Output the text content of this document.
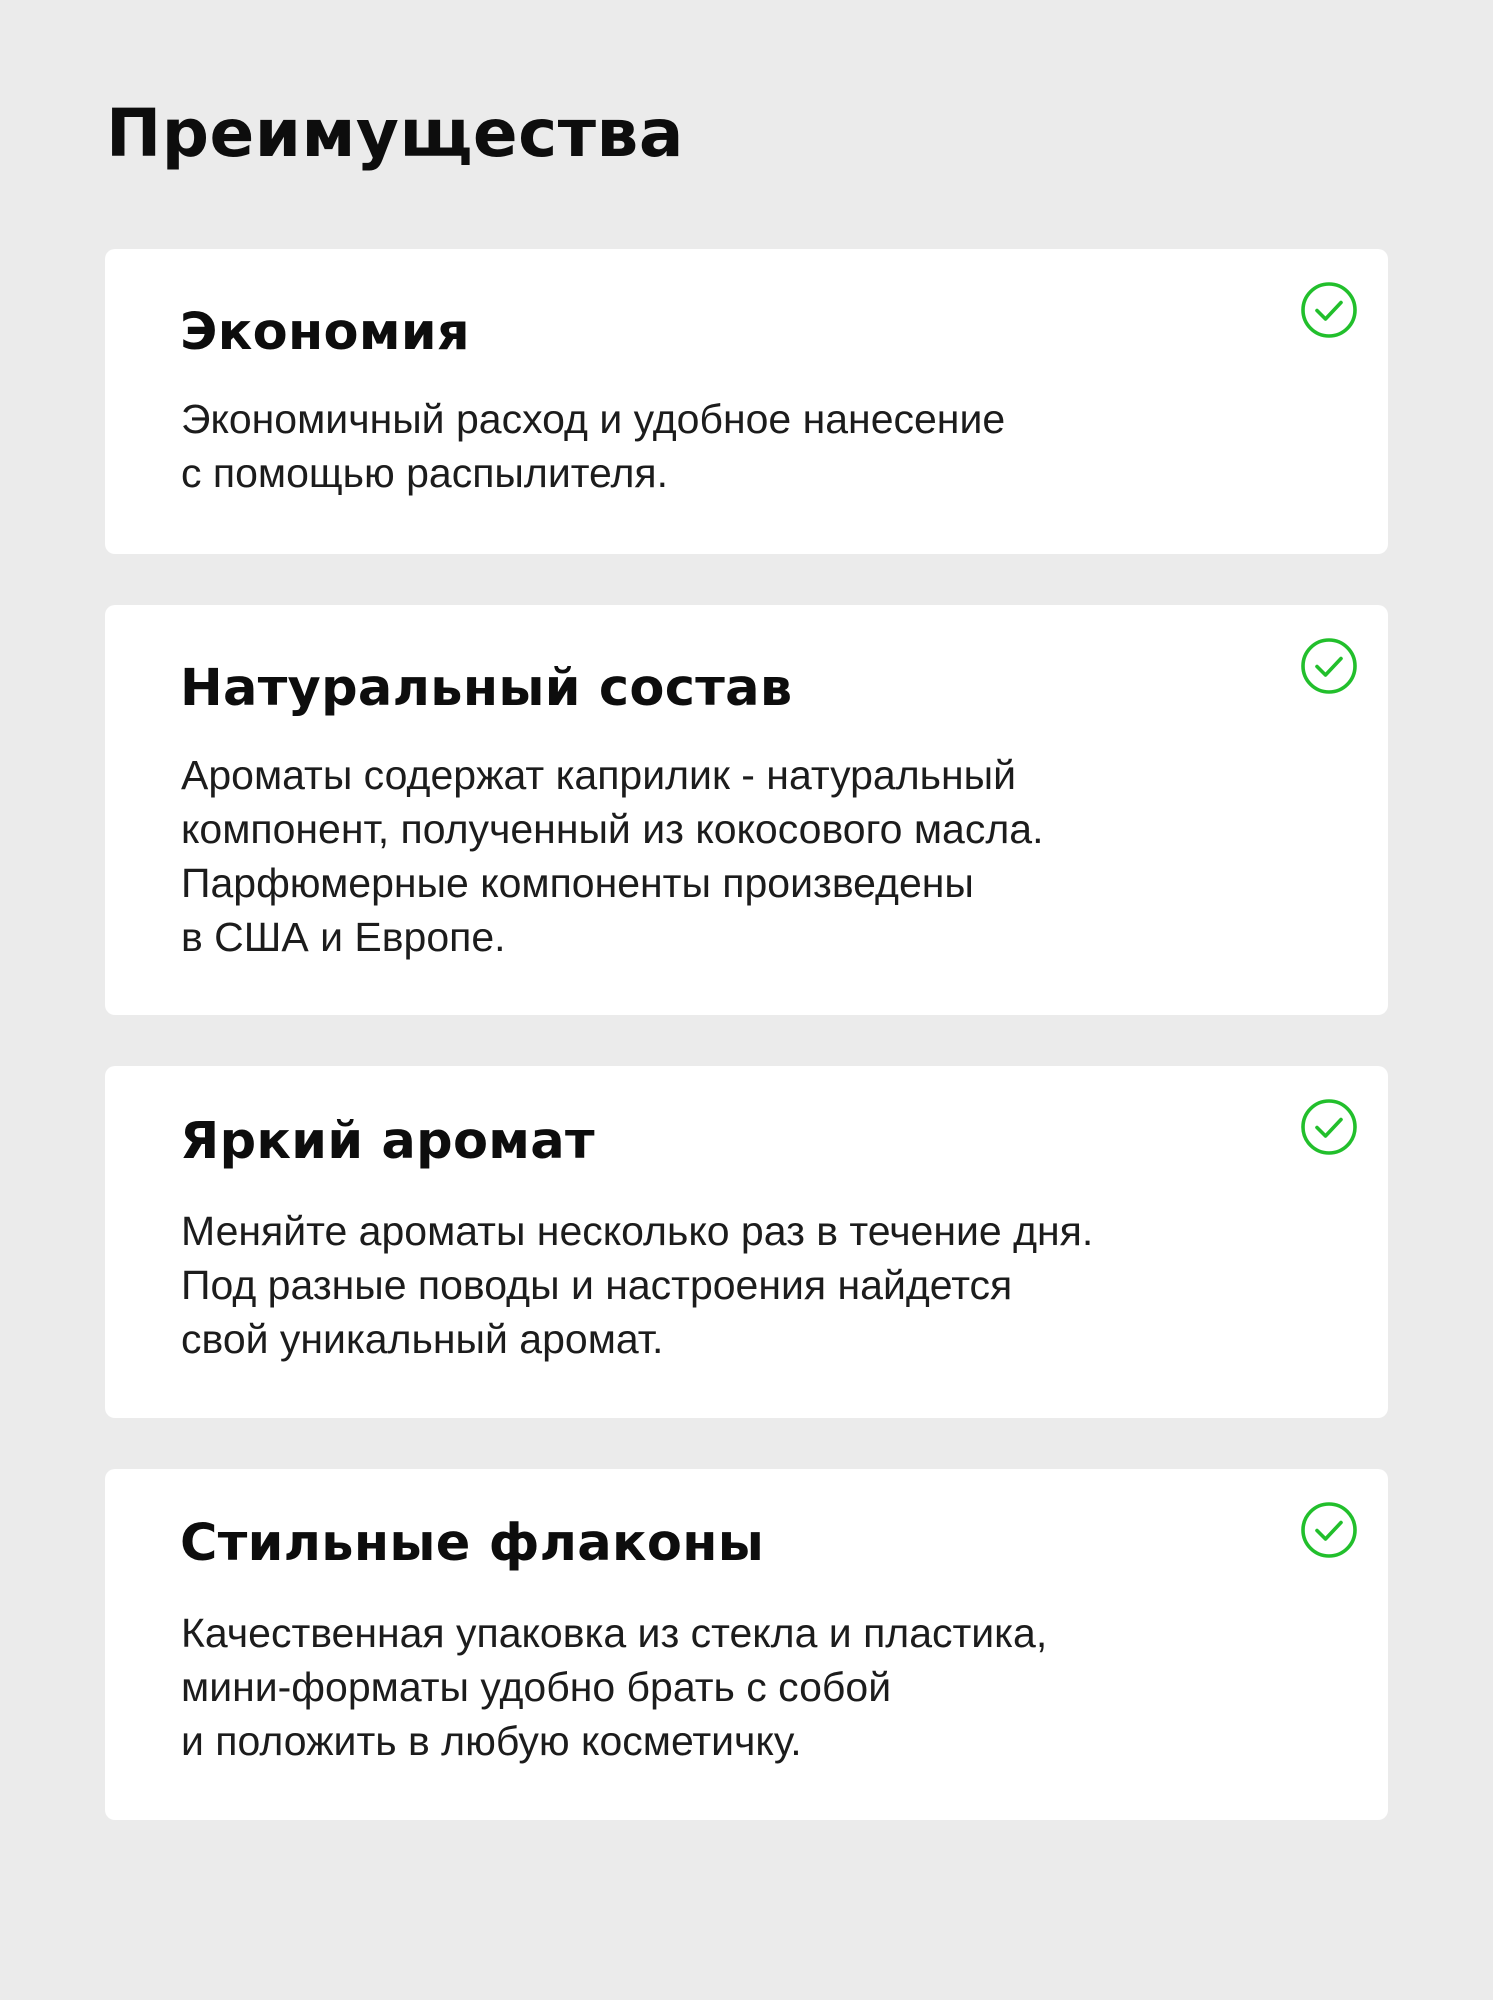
Преимущества
Экономия

Экономичный расход и удобное нанесение
с помощью распылителя.

Натуральный состав

Ароматы содержат каприлик - натуральный
компонент, полученный из кокосового масла.
Парфюмерные компоненты произведены
в США и Европе.

Яркий аромат

Меняйте ароматы несколько раз в течение дня.
Под разные поводы и настроения найдется
свой уникальный аромат.

Стильные флаконы

Качественная упаковка из стекла и пластика,
мини-форматы удобно брать с собой
и положить в любую косметичку.
